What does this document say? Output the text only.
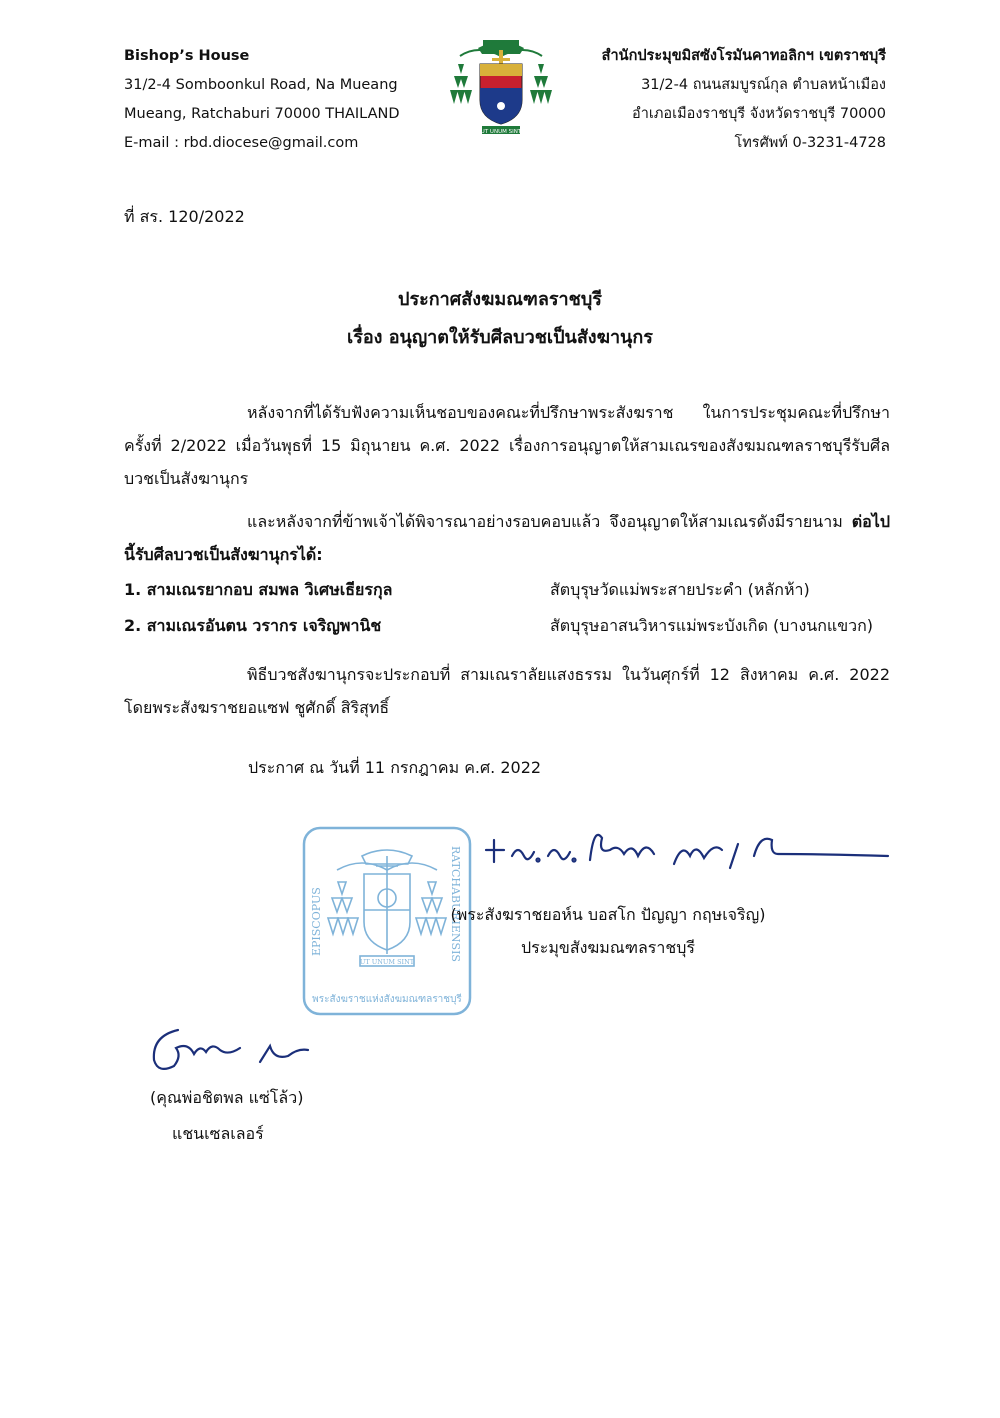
Bishop’s House
31/2-4 Somboonkul Road, Na Mueang
Mueang, Ratchaburi 70000 THAILAND
E-mail : rbd.diocese@gmail.com
UT UNUM SINT
สำนักประมุขมิสซังโรมันคาทอลิกฯ เขตราชบุรี
31/2-4 ถนนสมบูรณ์กุล ตำบลหน้าเมือง
อำเภอเมืองราชบุรี จังหวัดราชบุรี 70000
โทรศัพท์ 0-3231-4728
ที่ สร. 120/2022
ประกาศสังฆมณฑลราชบุรี
เรื่อง อนุญาตให้รับศีลบวชเป็นสังฆานุกร
หลังจากที่ได้รับฟังความเห็นชอบของคณะที่ปรึกษาพระสังฆราช ในการประชุมคณะที่ปรึกษา ครั้งที่ 2/2022 เมื่อวันพุธที่ 15 มิถุนายน ค.ศ. 2022 เรื่องการอนุญาตให้สามเณรของสังฆมณฑลราชบุรีรับศีลบวชเป็นสังฆานุกร
และหลังจากที่ข้าพเจ้าได้พิจารณาอย่างรอบคอบแล้ว จึงอนุญาตให้สามเณรดังมีรายนาม ต่อไปนี้รับศีลบวชเป็นสังฆานุกรได้:
1. สามเณรยากอบ สมพล วิเศษเธียรกุล	สัตบุรุษวัดแม่พระสายประคำ (หลักห้า)
2. สามเณรอันตน วรากร เจริญพานิช	สัตบุรุษอาสนวิหารแม่พระบังเกิด (บางนกแขวก)
พิธีบวชสังฆานุกรจะประกอบที่ สามเณราลัยแสงธรรม ในวันศุกร์ที่ 12 สิงหาคม ค.ศ. 2022 โดยพระสังฆราชยอแซฟ ชูศักดิ์ สิริสุทธิ์
ประกาศ ณ วันที่ 11 กรกฎาคม ค.ศ. 2022
UT UNUM SINT
EPISCOPUS	RATCHABURIENSIS
พระสังฆราชแห่งสังฆมณฑลราชบุรี
(พระสังฆราชยอห์น บอสโก ปัญญา กฤษเจริญ)
ประมุขสังฆมณฑลราชบุรี
(คุณพ่อชิตพล แซ่โล้ว)
แชนเซลเลอร์
